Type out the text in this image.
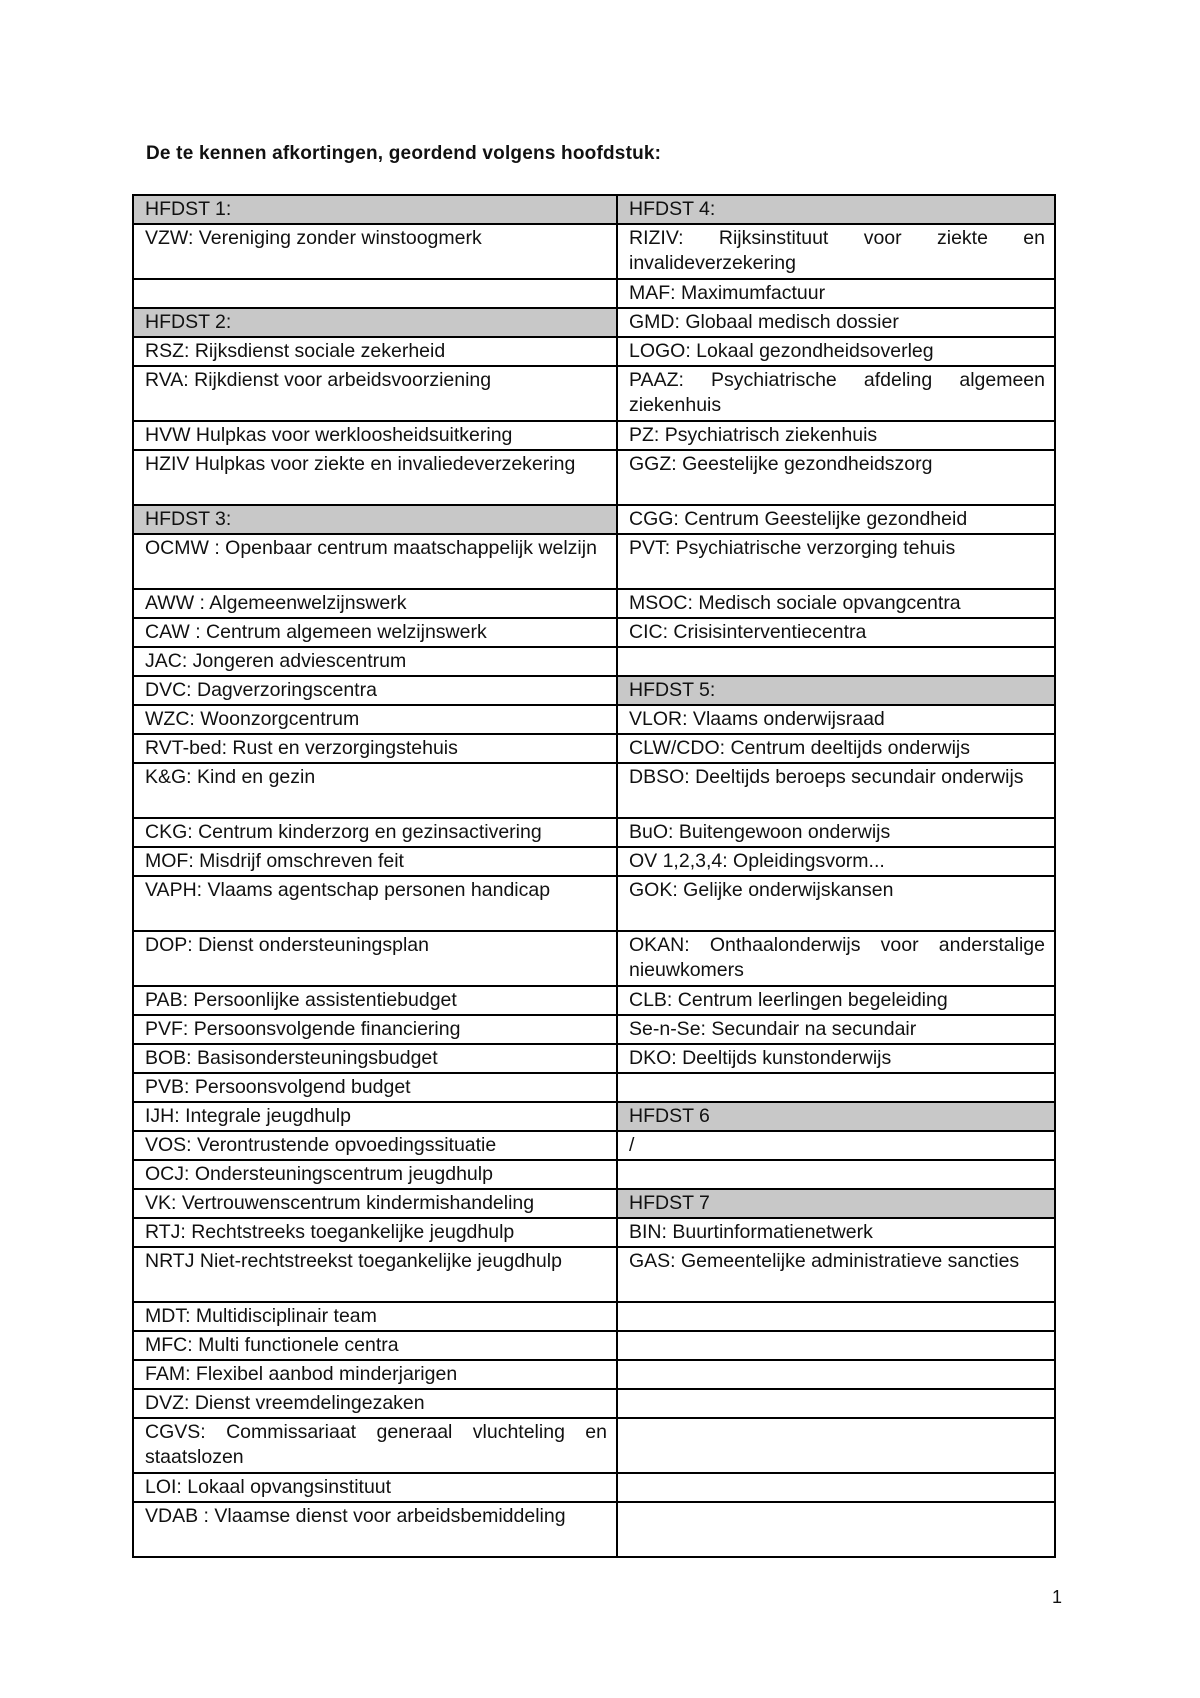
De te kennen afkortingen, geordend volgens hoofdstuk:
HFDST 1:	HFDST 4:
VZW: Vereniging zonder winstoogmerk	RIZIV: Rijksinstituut voor ziekte en invalideverzekering
	MAF: Maximumfactuur
HFDST 2:	GMD: Globaal medisch dossier
RSZ: Rijksdienst sociale zekerheid	LOGO: Lokaal gezondheidsoverleg
RVA: Rijkdienst voor arbeidsvoorziening	PAAZ: Psychiatrische afdeling algemeen ziekenhuis
HVW Hulpkas voor werkloosheidsuitkering	PZ: Psychiatrisch ziekenhuis
HZIV Hulpkas voor ziekte en invaliedeverzekering	GGZ: Geestelijke gezondheidszorg
HFDST 3:	CGG: Centrum Geestelijke gezondheid
OCMW : Openbaar centrum maatschappelijk welzijn	PVT: Psychiatrische verzorging tehuis
AWW : Algemeenwelzijnswerk	MSOC: Medisch sociale opvangcentra
CAW : Centrum algemeen welzijnswerk	CIC: Crisisinterventiecentra
JAC: Jongeren adviescentrum	
DVC: Dagverzoringscentra	HFDST 5:
WZC: Woonzorgcentrum	VLOR: Vlaams onderwijsraad
RVT-bed: Rust en verzorgingstehuis	CLW/CDO: Centrum deeltijds onderwijs
K&G: Kind en gezin	DBSO: Deeltijds beroeps secundair onderwijs
CKG: Centrum kinderzorg en gezinsactivering	BuO: Buitengewoon onderwijs
MOF: Misdrijf omschreven feit	OV 1,2,3,4: Opleidingsvorm...
VAPH: Vlaams agentschap personen handicap	GOK: Gelijke onderwijskansen
DOP: Dienst ondersteuningsplan	OKAN: Onthaalonderwijs voor anderstalige nieuwkomers
PAB: Persoonlijke assistentiebudget	CLB: Centrum leerlingen begeleiding
PVF: Persoonsvolgende financiering	Se-n-Se: Secundair na secundair
BOB: Basisondersteuningsbudget	DKO: Deeltijds kunstonderwijs
PVB: Persoonsvolgend budget	
IJH: Integrale jeugdhulp	HFDST 6
VOS: Verontrustende opvoedingssituatie	/
OCJ: Ondersteuningscentrum jeugdhulp	
VK: Vertrouwenscentrum kindermishandeling	HFDST 7
RTJ: Rechtstreeks toegankelijke jeugdhulp	BIN: Buurtinformatienetwerk
NRTJ Niet-rechtstreekst toegankelijke jeugdhulp	GAS: Gemeentelijke administratieve sancties
MDT: Multidisciplinair team	
MFC: Multi functionele centra	
FAM: Flexibel aanbod minderjarigen	
DVZ: Dienst vreemdelingezaken	
CGVS: Commissariaat generaal vluchteling en staatslozen	
LOI: Lokaal opvangsinstituut	
VDAB : Vlaamse dienst voor arbeidsbemiddeling	
1
